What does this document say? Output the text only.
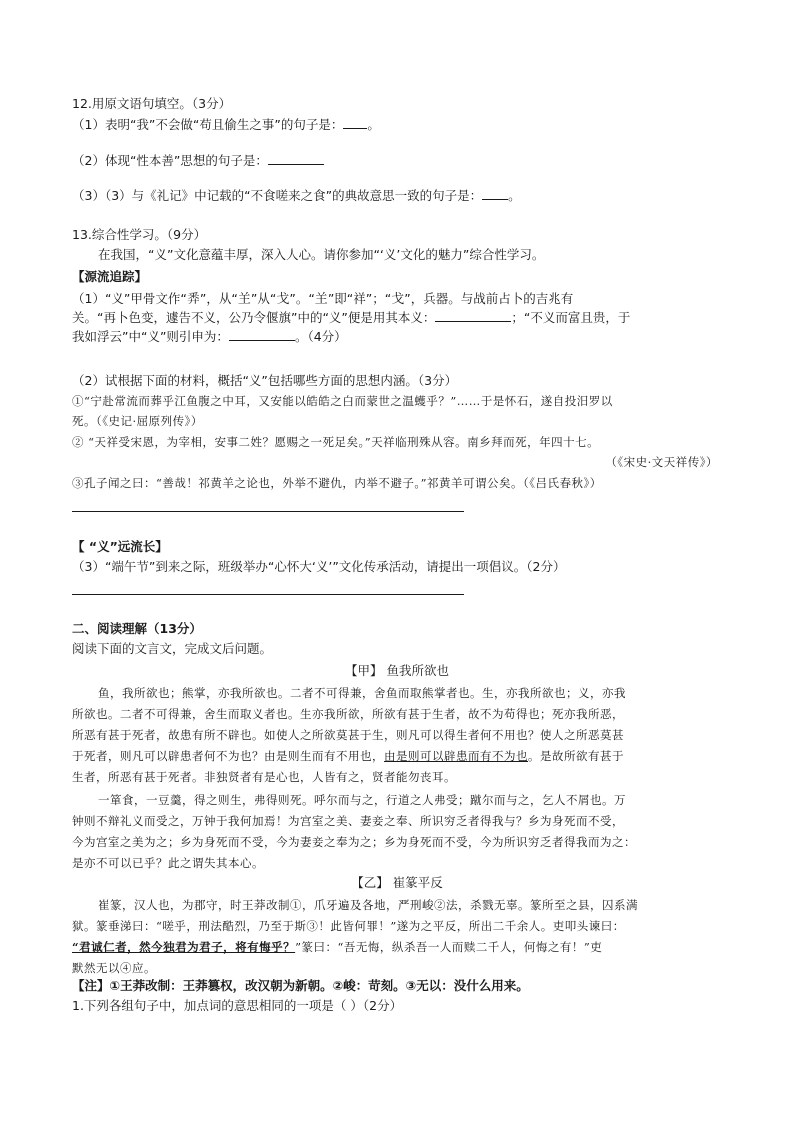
12.用原文语句填空。（3分）
（1）表明“我”不会做“苟且偷生之事”的句子是： 。
（2）体现“性本善”思想的句子是：
（3）（3）与《礼记》中记载的“不食嗟来之食”的典故意思一致的句子是： 。
13.综合性学习。（9分）
在我国，“义”文化意蕴丰厚，深入人心。请你参加“‘义’文化的魅力”综合性学习。
【源流追踪】
（1）“义”甲骨文作“𢍏”，从“𦍌”从“戈”。“𦍌”即“祥”；“戈”，兵器。与战前占卜的吉兆有
关。“再卜色变，遽告不义，公乃令偃旗”中的“义”便是用其本义：	；“不义而富且贵，于
我如浮云”中“义”则引申为：	。（4分）
（2）试根据下面的材料，概括“义”包括哪些方面的思想内涵。（3分）
①“宁赴常流而葬乎江鱼腹之中耳，又安能以皓皓之白而蒙世之温蠖乎？”……于是怀石，遂自投汨罗以
死。（《史记·屈原列传》）
② “天祥受宋恩，为宰相，安事二姓？愿赐之一死足矣。”天祥临刑殊从容。南乡拜而死，年四十七。
（《宋史·文天祥传》）
③孔子闻之曰：“善哉！祁黄羊之论也，外举不避仇，内举不避子。”祁黄羊可谓公矣。（《吕氏春秋》）
【 “义”远流长】
（3）“端午节”到来之际，班级举办“心怀大‘义’”文化传承活动，请提出一项倡议。（2分）
二、阅读理解（13分）
阅读下面的文言文，完成文后问题。
【甲】 鱼我所欲也
鱼，我所欲也；熊掌，亦我所欲也。二者不可得兼，舍鱼而取熊掌者也。生，亦我所欲也；义，亦我
所欲也。二者不可得兼，舍生而取义者也。生亦我所欲，所欲有甚于生者，故不为苟得也；死亦我所恶，
所恶有甚于死者，故患有所不辟也。如使人之所欲莫甚于生，则凡可以得生者何不用也？使人之所恶莫甚
于死者，则凡可以辟患者何不为也？由是则生而有不用也，由是则可以辟患而有不为也。是故所欲有甚于
生者，所恶有甚于死者。非独贤者有是心也，人皆有之，贤者能勿丧耳。
一箪食，一豆羹，得之则生，弗得则死。呼尔而与之，行道之人弗受；蹴尔而与之，乞人不屑也。万
钟则不辩礼义而受之，万钟于我何加焉！为宫室之美、妻妾之奉、所识穷乏者得我与？乡为身死而不受，
今为宫室之美为之；乡为身死而不受，今为妻妾之奉为之；乡为身死而不受，今为所识穷乏者得我而为之：
是亦不可以已乎？此之谓失其本心。
【乙】 崔篆平反
崔篆，汉人也，为郡守，时王莽改制①，爪牙遍及各地，严刑峻②法，杀戮无辜。篆所至之县，囚系满
狱。篆垂涕曰：“嗟乎，刑法酷烈，乃至于斯③！此皆何罪！”遂为之平反，所出二千余人。吏叩头谏曰：
“君诚仁者，然今独君为君子，将有悔乎？”篆曰：“吾无悔，纵杀吾一人而赎二千人，何悔之有！”吏
默然无以④应。
【注】①王莽改制：王莽篡权，改汉朝为新朝。②峻：苛刻。③无以：没什么用来。
1.下列各组句子中，加点词的意思相同的一项是（ ）（2分）
